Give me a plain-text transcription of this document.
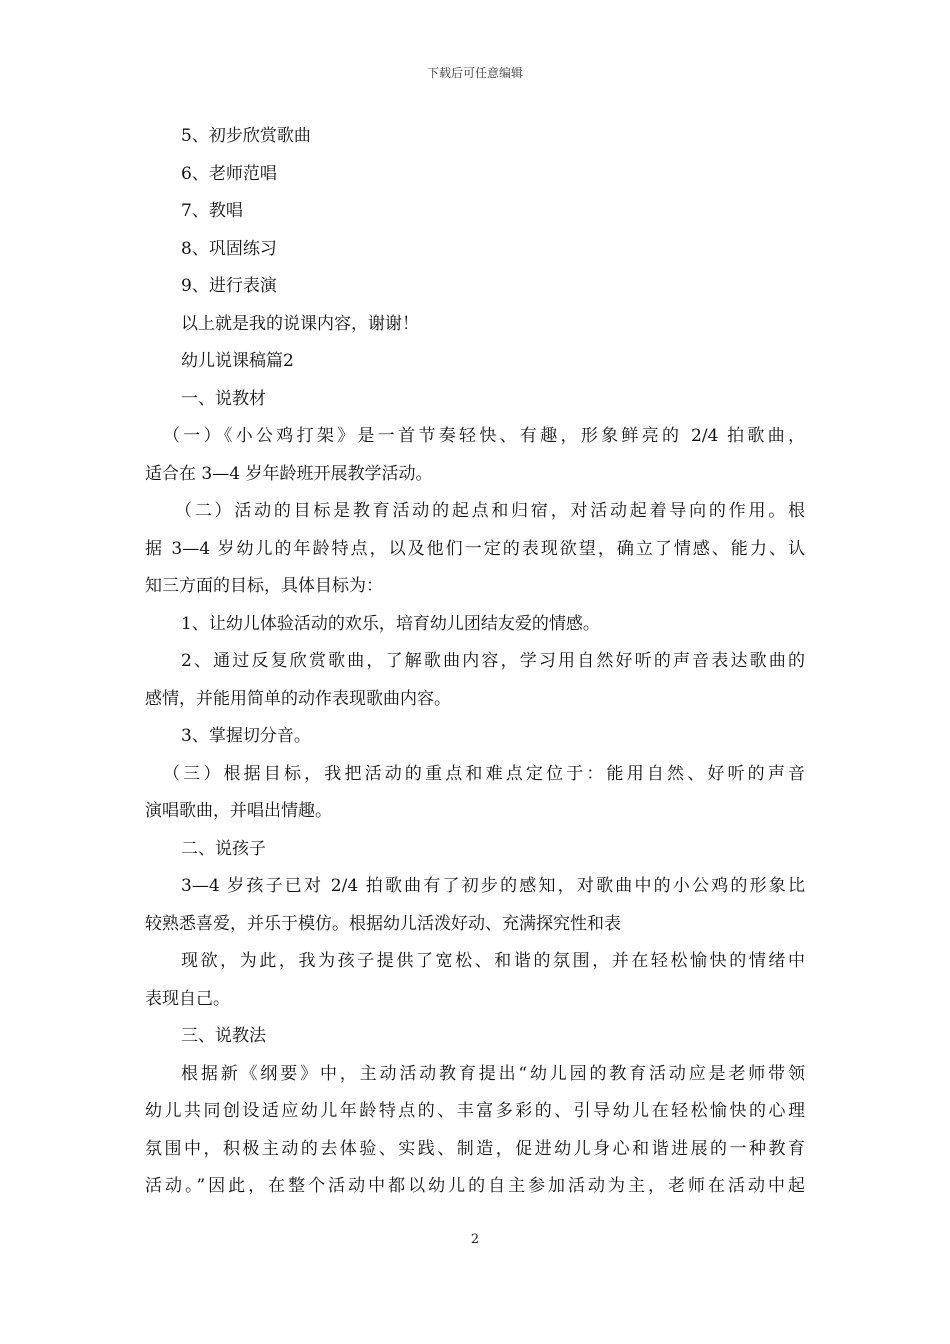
下载后可任意编辑

5、初步欣赏歌曲

6、老师范唱

7、教唱

8、巩固练习

9、进行表演

以上就是我的说课内容，谢谢！

幼儿说课稿篇2

一、说教材

（一）《小公鸡打架》是一首节奏轻快、有趣，形象鲜亮的 2/4 拍歌曲，

适合在 3—4 岁年龄班开展教学活动。

（二）活动的目标是教育活动的起点和归宿，对活动起着导向的作用。根

据 3—4 岁幼儿的年龄特点，以及他们一定的表现欲望，确立了情感、能力、认

知三方面的目标，具体目标为：

1、让幼儿体验活动的欢乐，培育幼儿团结友爱的情感。

2、通过反复欣赏歌曲，了解歌曲内容，学习用自然好听的声音表达歌曲的

感情，并能用简单的动作表现歌曲内容。

3、掌握切分音。

（三）根据目标，我把活动的重点和难点定位于：能用自然、好听的声音

演唱歌曲，并唱出情趣。

二、说孩子

3—4 岁孩子已对 2/4 拍歌曲有了初步的感知，对歌曲中的小公鸡的形象比

较熟悉喜爱，并乐于模仿。根据幼儿活泼好动、充满探究性和表

现欲，为此，我为孩子提供了宽松、和谐的氛围，并在轻松愉快的情绪中

表现自己。

三、说教法

根据新《纲要》中，主动活动教育提出“幼儿园的教育活动应是老师带领

幼儿共同创设适应幼儿年龄特点的、丰富多彩的、引导幼儿在轻松愉快的心理

氛围中，积极主动的去体验、实践、制造，促进幼儿身心和谐进展的一种教育

活动。”因此，在整个活动中都以幼儿的自主参加活动为主，老师在活动中起

2
